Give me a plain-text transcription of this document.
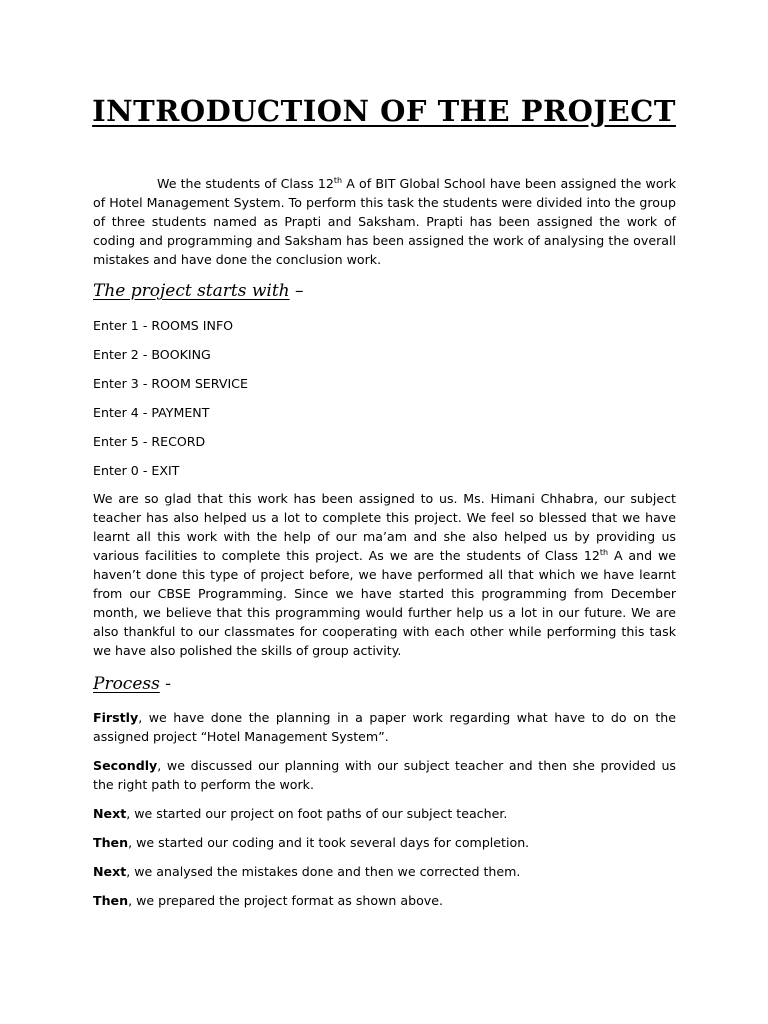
INTRODUCTION OF THE PROJECT

We the students of Class 12th A of BIT Global School have been assigned the work of Hotel Management System. To perform this task the students were divided into the group of three students named as Prapti and Saksham. Prapti has been assigned the work of coding and programming and Saksham has been assigned the work of analysing the overall mistakes and have done the conclusion work.

The project starts with –
Enter 1 - ROOMS INFO
Enter 2 - BOOKING
Enter 3 - ROOM SERVICE
Enter 4 - PAYMENT
Enter 5 - RECORD
Enter 0 - EXIT

We are so glad that this work has been assigned to us. Ms. Himani Chhabra, our subject teacher has also helped us a lot to complete this project. We feel so blessed that we have learnt all this work with the help of our ma’am and she also helped us by providing us various facilities to complete this project. As we are the students of Class 12th A and we haven’t done this type of project before, we have performed all that which we have learnt from our CBSE Programming. Since we have started this programming from December month, we believe that this programming would further help us a lot in our future. We are also thankful to our classmates for cooperating with each other while performing this task we have also polished the skills of group activity.

Process -

Firstly, we have done the planning in a paper work regarding what have to do on the assigned project “Hotel Management System”.

Secondly, we discussed our planning with our subject teacher and then she provided us the right path to perform the work.

Next, we started our project on foot paths of our subject teacher.

Then, we started our coding and it took several days for completion.

Next, we analysed the mistakes done and then we corrected them.

Then, we prepared the project format as shown above.
